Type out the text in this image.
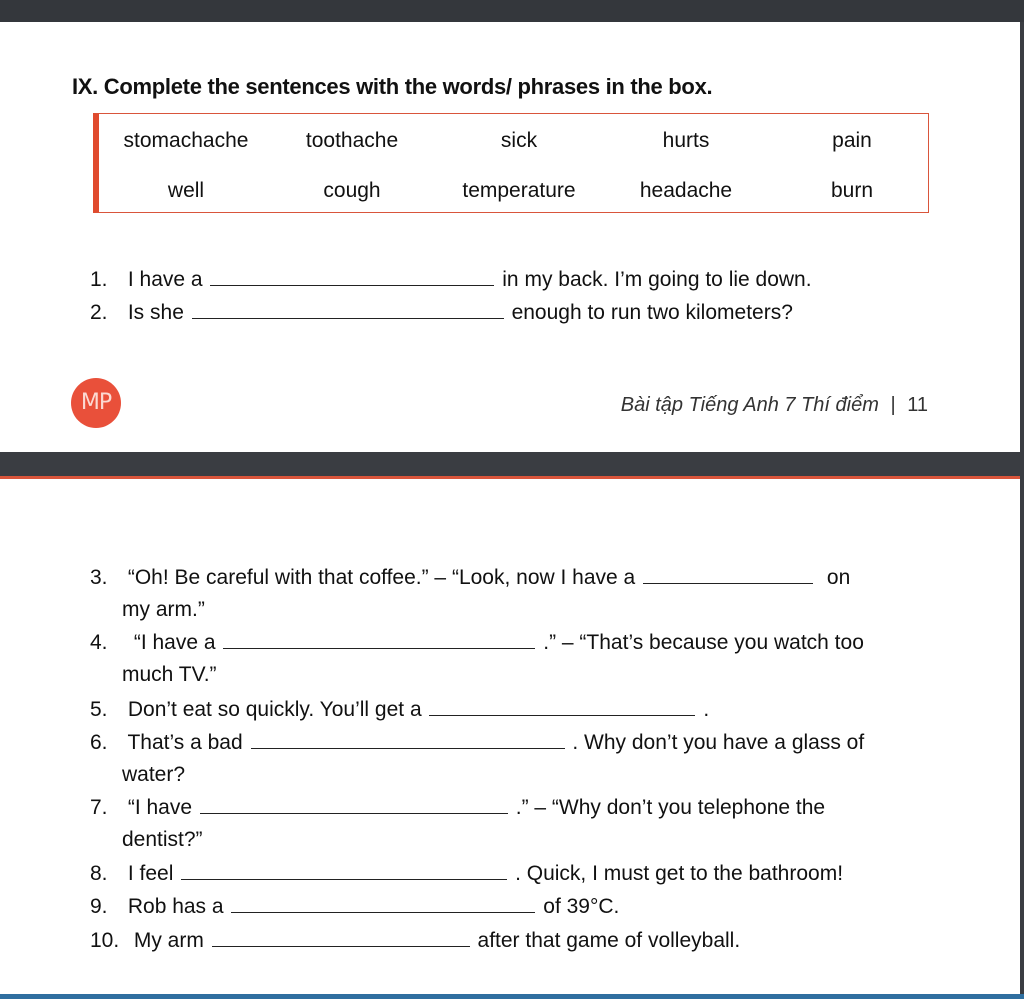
IX. Complete the sentences with the words/ phrases in the box.
stomachache	toothache	sick	hurts	pain
well	cough	temperature	headache	burn
1. I have a	in my back. I’m going to lie down.
2. Is she	enough to run two kilometers?
MP	Bài tập Tiếng Anh 7 Thí điểm | 11
3. “Oh! Be careful with that coffee.” – “Look, now I have a	on
my arm.”
4. “I have a	.” – “That’s because you watch too
much TV.”
5. Don’t eat so quickly. You’ll get a	.
6. That’s a bad	. Why don’t you have a glass of
water?
7. “I have	.” – “Why don’t you telephone the
dentist?”
8. I feel	. Quick, I must get to the bathroom!
9. Rob has a	of 39°C.
10. My arm	after that game of volleyball.
